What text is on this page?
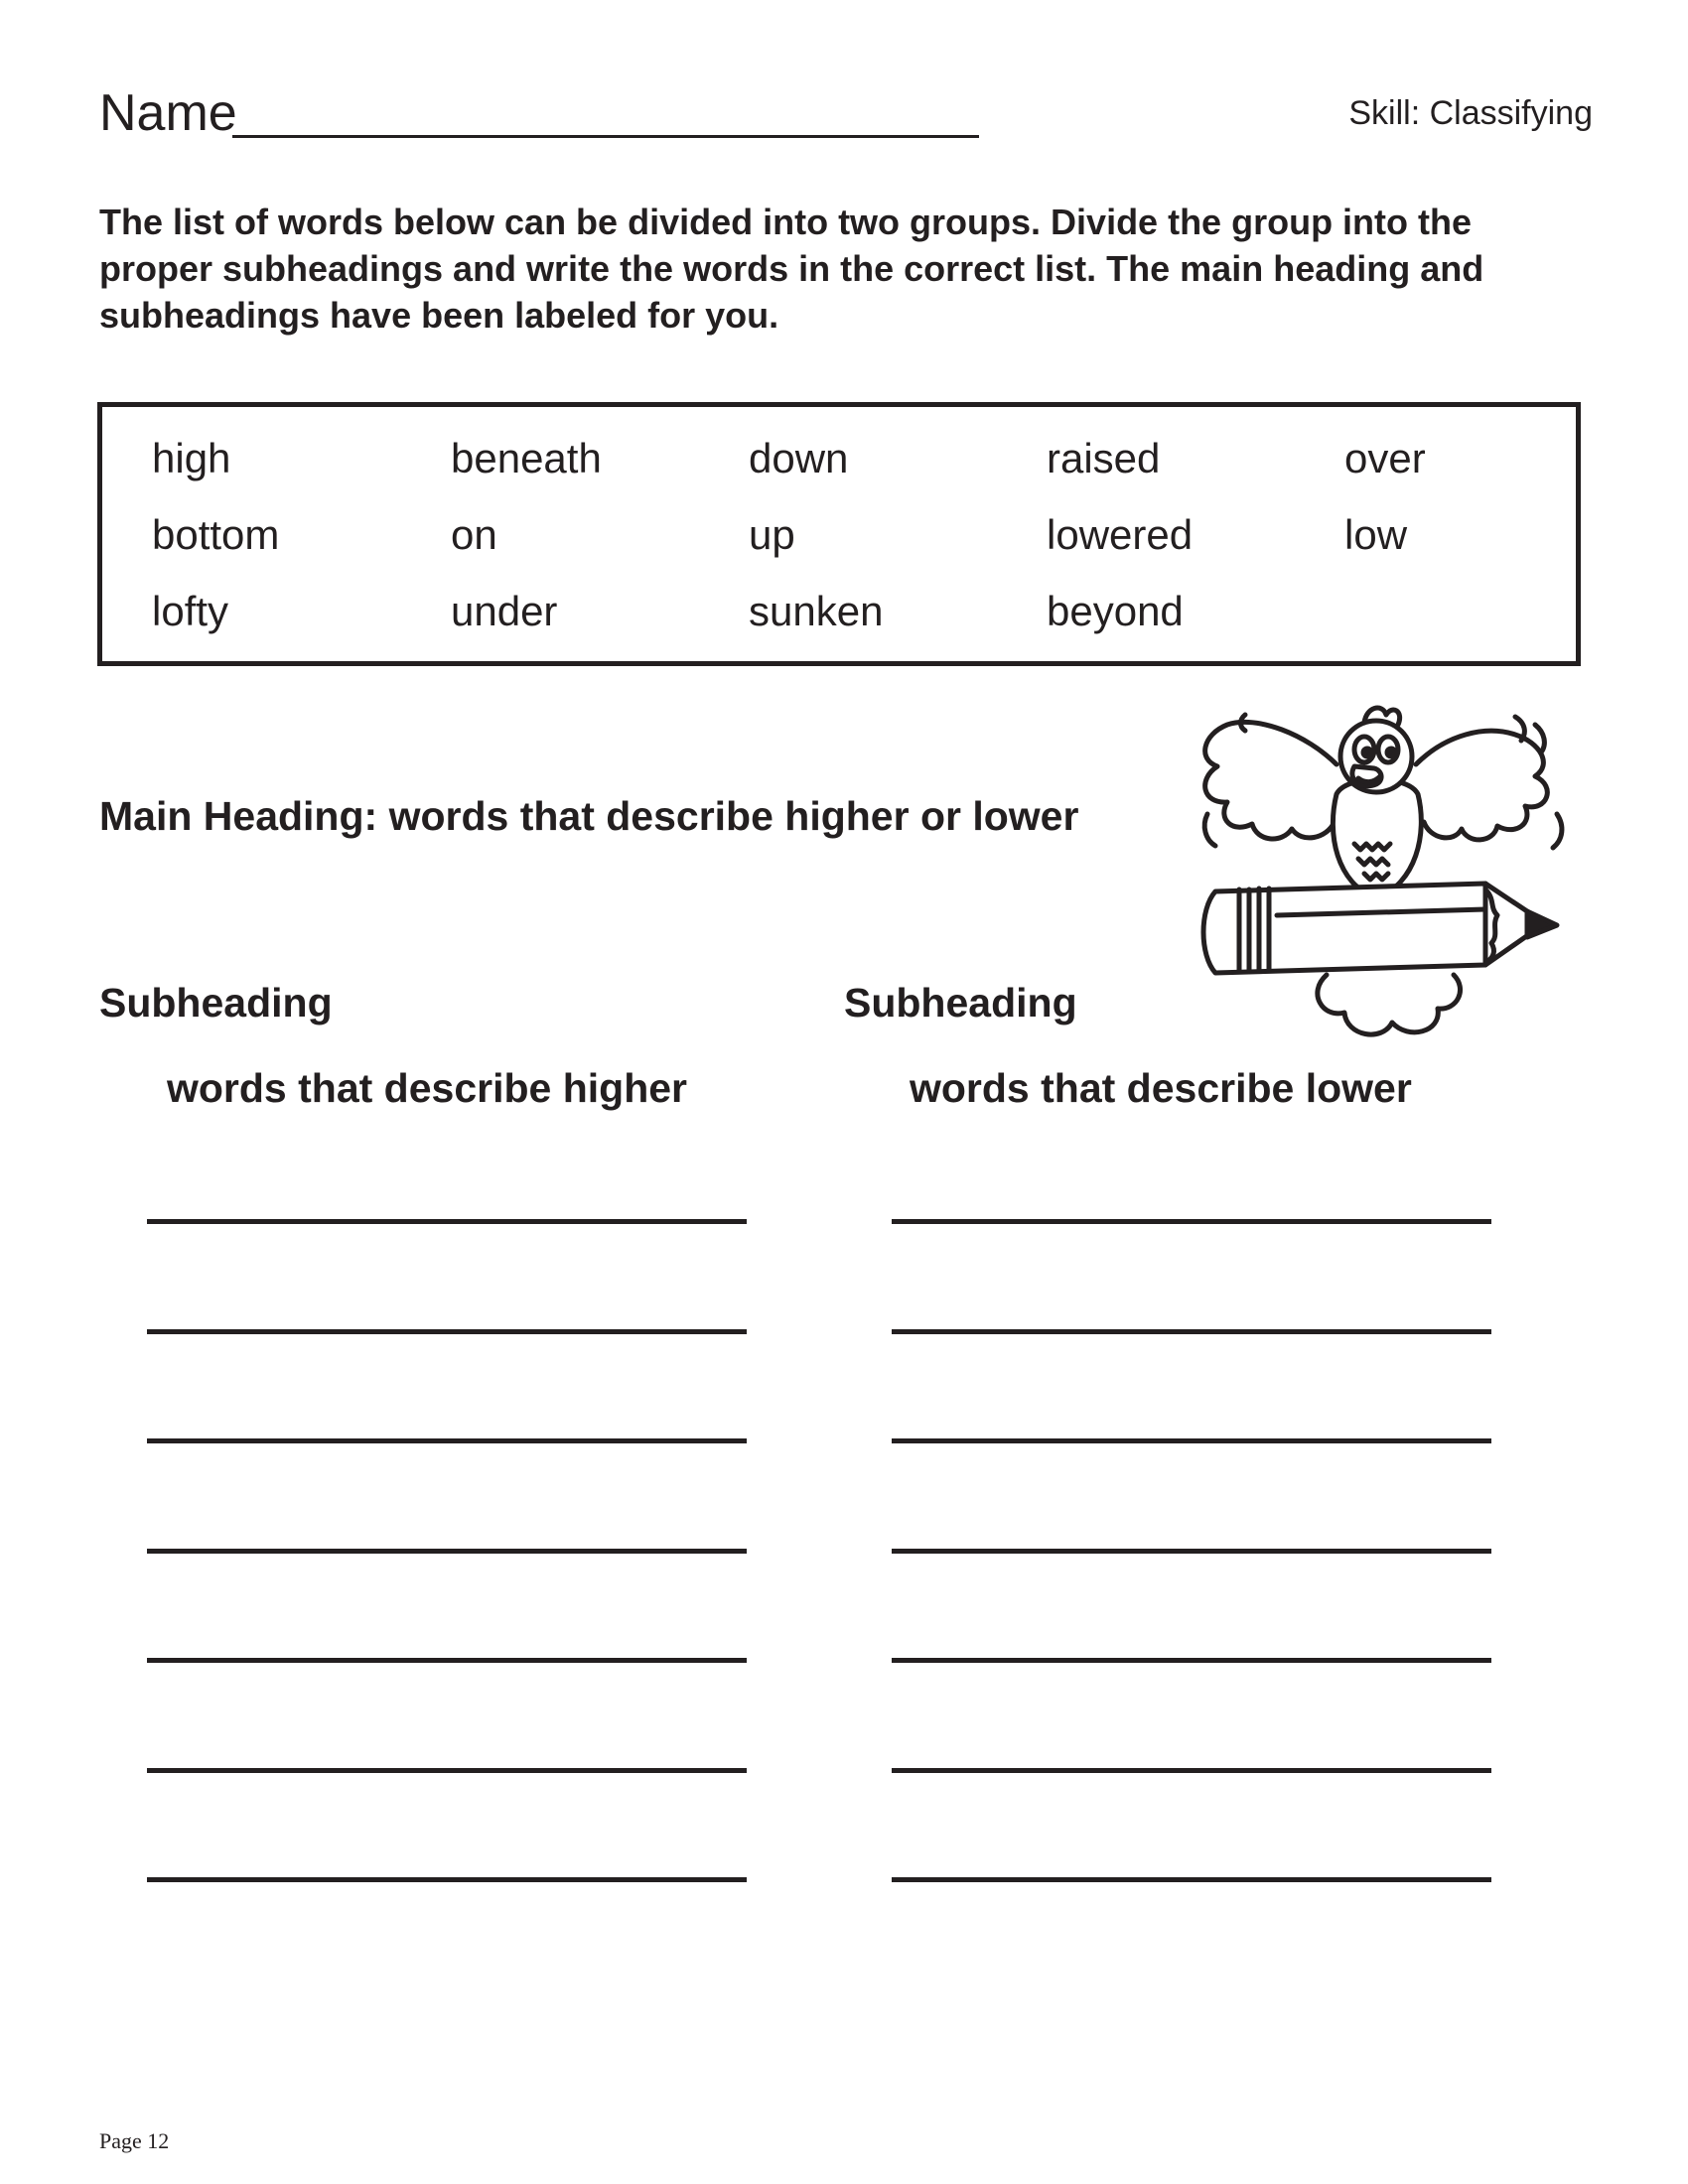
Name	Skill: Classifying
The list of words below can be divided into two groups. Divide the group into the proper subheadings and write the words in the correct list. The main heading and subheadings have been labeled for you.
high	beneath	down	raised	over
bottom	on	up	lowered	low
lofty	under	sunken	beyond
Main Heading: words that describe higher or lower
Subheading
words that describe higher
Subheading
words that describe lower
Page 12
